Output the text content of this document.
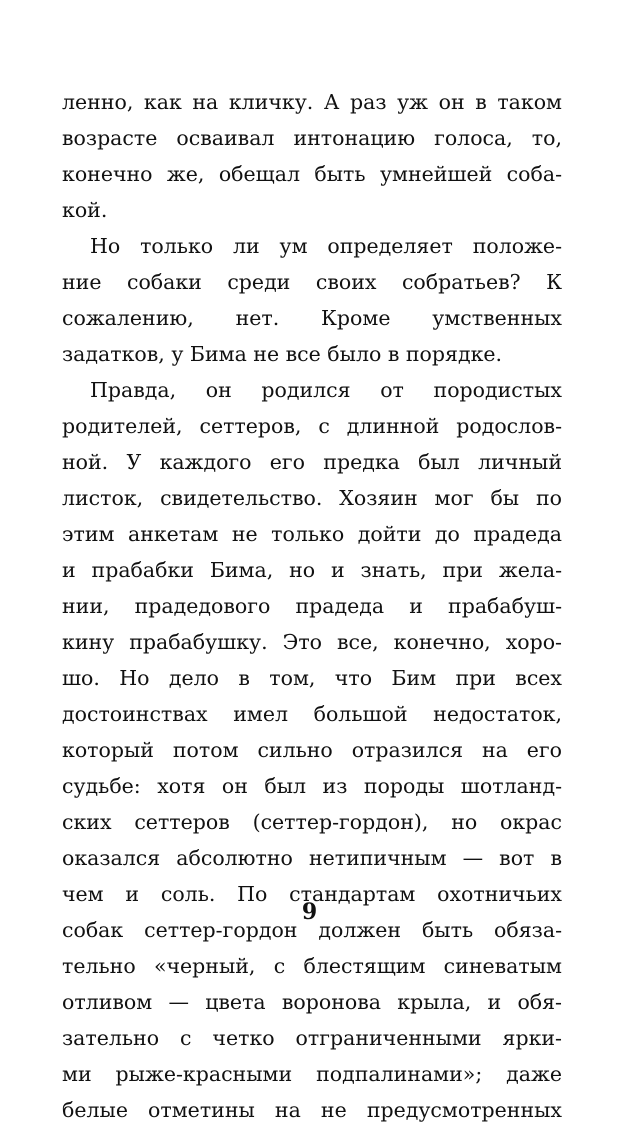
ленно, как на кличку. А раз уж он в таком
возрасте осваивал интонацию голоса, то,
конечно же, обещал быть умнейшей соба-
кой.
Но только ли ум определяет положе-
ние собаки среди своих собратьев? К
сожалению, нет. Кроме умственных
задатков, у Бима не все было в порядке.
Правда, он родился от породистых
родителей, сеттеров, с длинной родослов-
ной. У каждого его предка был личный
листок, свидетельство. Хозяин мог бы по
этим анкетам не только дойти до прадеда
и прабабки Бима, но и знать, при жела-
нии, прадедового прадеда и прабабуш-
кину прабабушку. Это все, конечно, хоро-
шо. Но дело в том, что Бим при всех
достоинствах имел большой недостаток,
который потом сильно отразился на его
судьбе: хотя он был из породы шотланд-
ских сеттеров (сеттер-гордон), но окрас
оказался абсолютно нетипичным — вот в
чем и соль. По стандартам охотничьих
собак сеттер-гордон должен быть обяза-
тельно «черный, с блестящим синеватым
отливом — цвета воронова крыла, и обя-
зательно с четко отграниченными ярки-
ми рыже-красными подпалинами»; даже
белые отметины на не предусмотренных
9
